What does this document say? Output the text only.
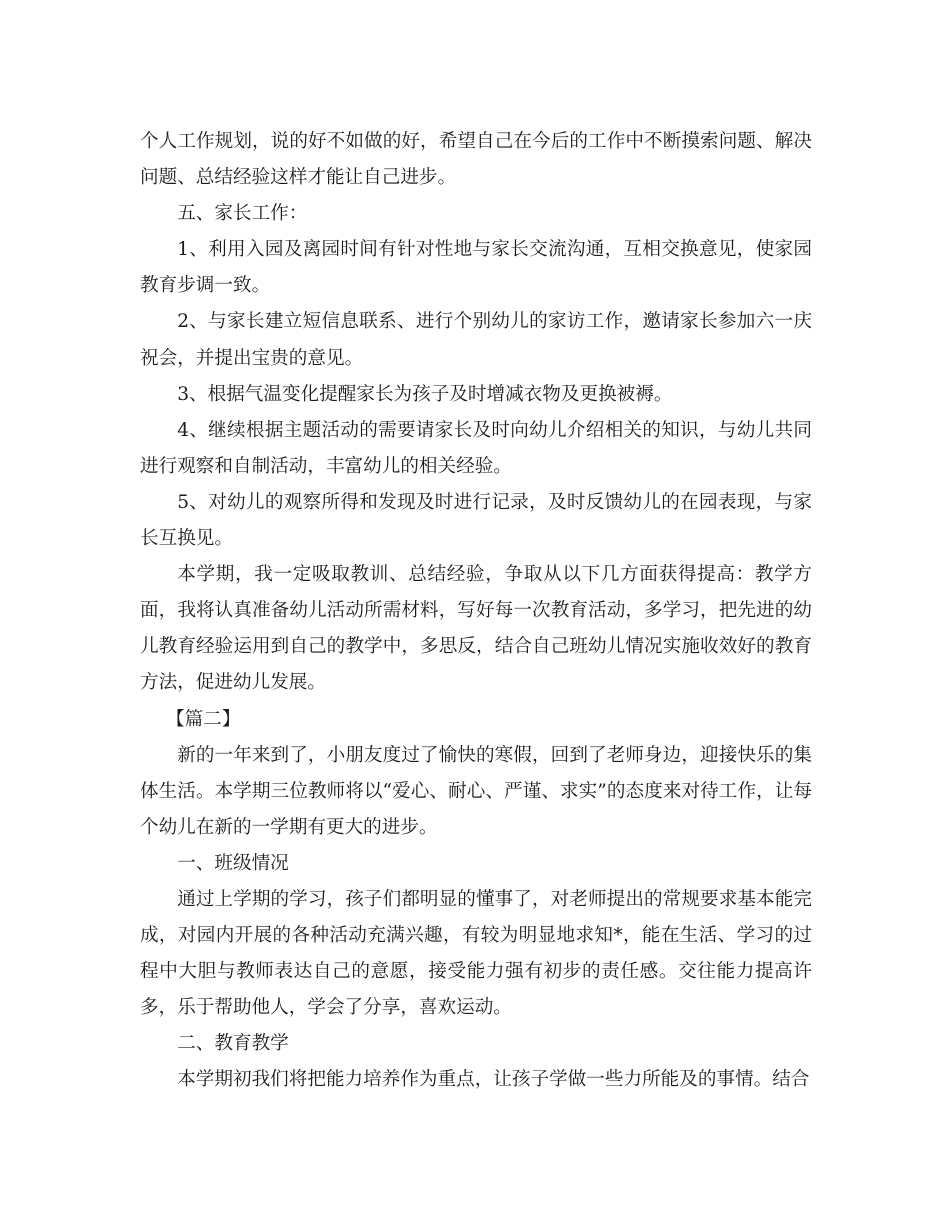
个人工作规划，说的好不如做的好，希望自己在今后的工作中不断摸索问题、解决问题、总结经验这样才能让自己进步。

五、家长工作：

1、利用入园及离园时间有针对性地与家长交流沟通，互相交换意见，使家园教育步调一致。

2、与家长建立短信息联系、进行个别幼儿的家访工作，邀请家长参加六一庆祝会，并提出宝贵的意见。

3、根据气温变化提醒家长为孩子及时增减衣物及更换被褥。

4、继续根据主题活动的需要请家长及时向幼儿介绍相关的知识，与幼儿共同进行观察和自制活动，丰富幼儿的相关经验。

5、对幼儿的观察所得和发现及时进行记录，及时反馈幼儿的在园表现，与家长互换见。

本学期，我一定吸取教训、总结经验，争取从以下几方面获得提高：教学方面，我将认真准备幼儿活动所需材料，写好每一次教育活动，多学习，把先进的幼儿教育经验运用到自己的教学中，多思反，结合自己班幼儿情况实施收效好的教育方法，促进幼儿发展。

【篇二】

新的一年来到了，小朋友度过了愉快的寒假，回到了老师身边，迎接快乐的集体生活。本学期三位教师将以“爱心、耐心、严谨、求实”的态度来对待工作，让每个幼儿在新的一学期有更大的进步。

一、班级情况

通过上学期的学习，孩子们都明显的懂事了，对老师提出的常规要求基本能完成，对园内开展的各种活动充满兴趣，有较为明显地求知*，能在生活、学习的过程中大胆与教师表达自己的意愿，接受能力强有初步的责任感。交往能力提高许多，乐于帮助他人，学会了分享，喜欢运动。

二、教育教学

本学期初我们将把能力培养作为重点，让孩子学做一些力所能及的事情。结合
